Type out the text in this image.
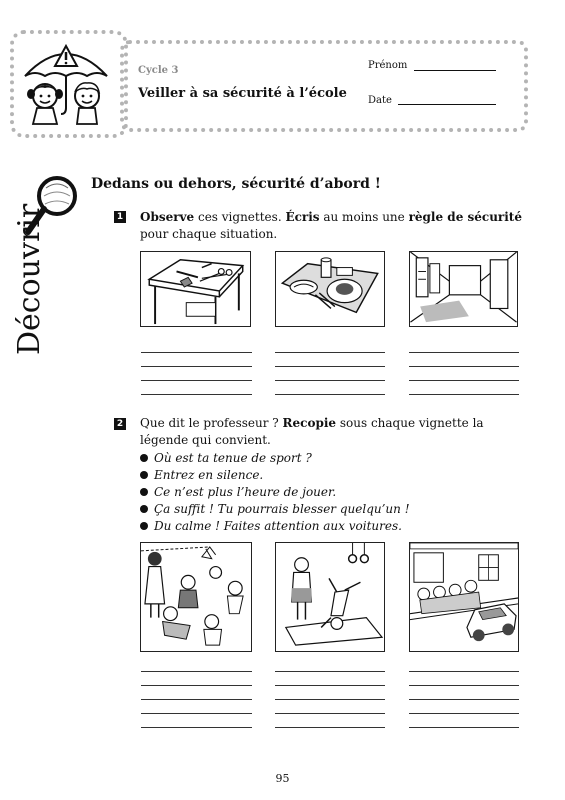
Cycle 3
Veiller à sa sécurité à l’école
Prénom
Date
Découvrir
Dedans ou dehors, sécurité d’abord !
1 Observe ces vignettes. Écris au moins une règle de sécurité pour chaque situation.
2 Que dit le professeur ? Recopie sous chaque vignette la légende qui convient.
Où est ta tenue de sport ?
Entrez en silence.
Ce n’est plus l’heure de jouer.
Ça suffit ! Tu pourrais blesser quelqu’un !
Du calme ! Faites attention aux voitures.
95
